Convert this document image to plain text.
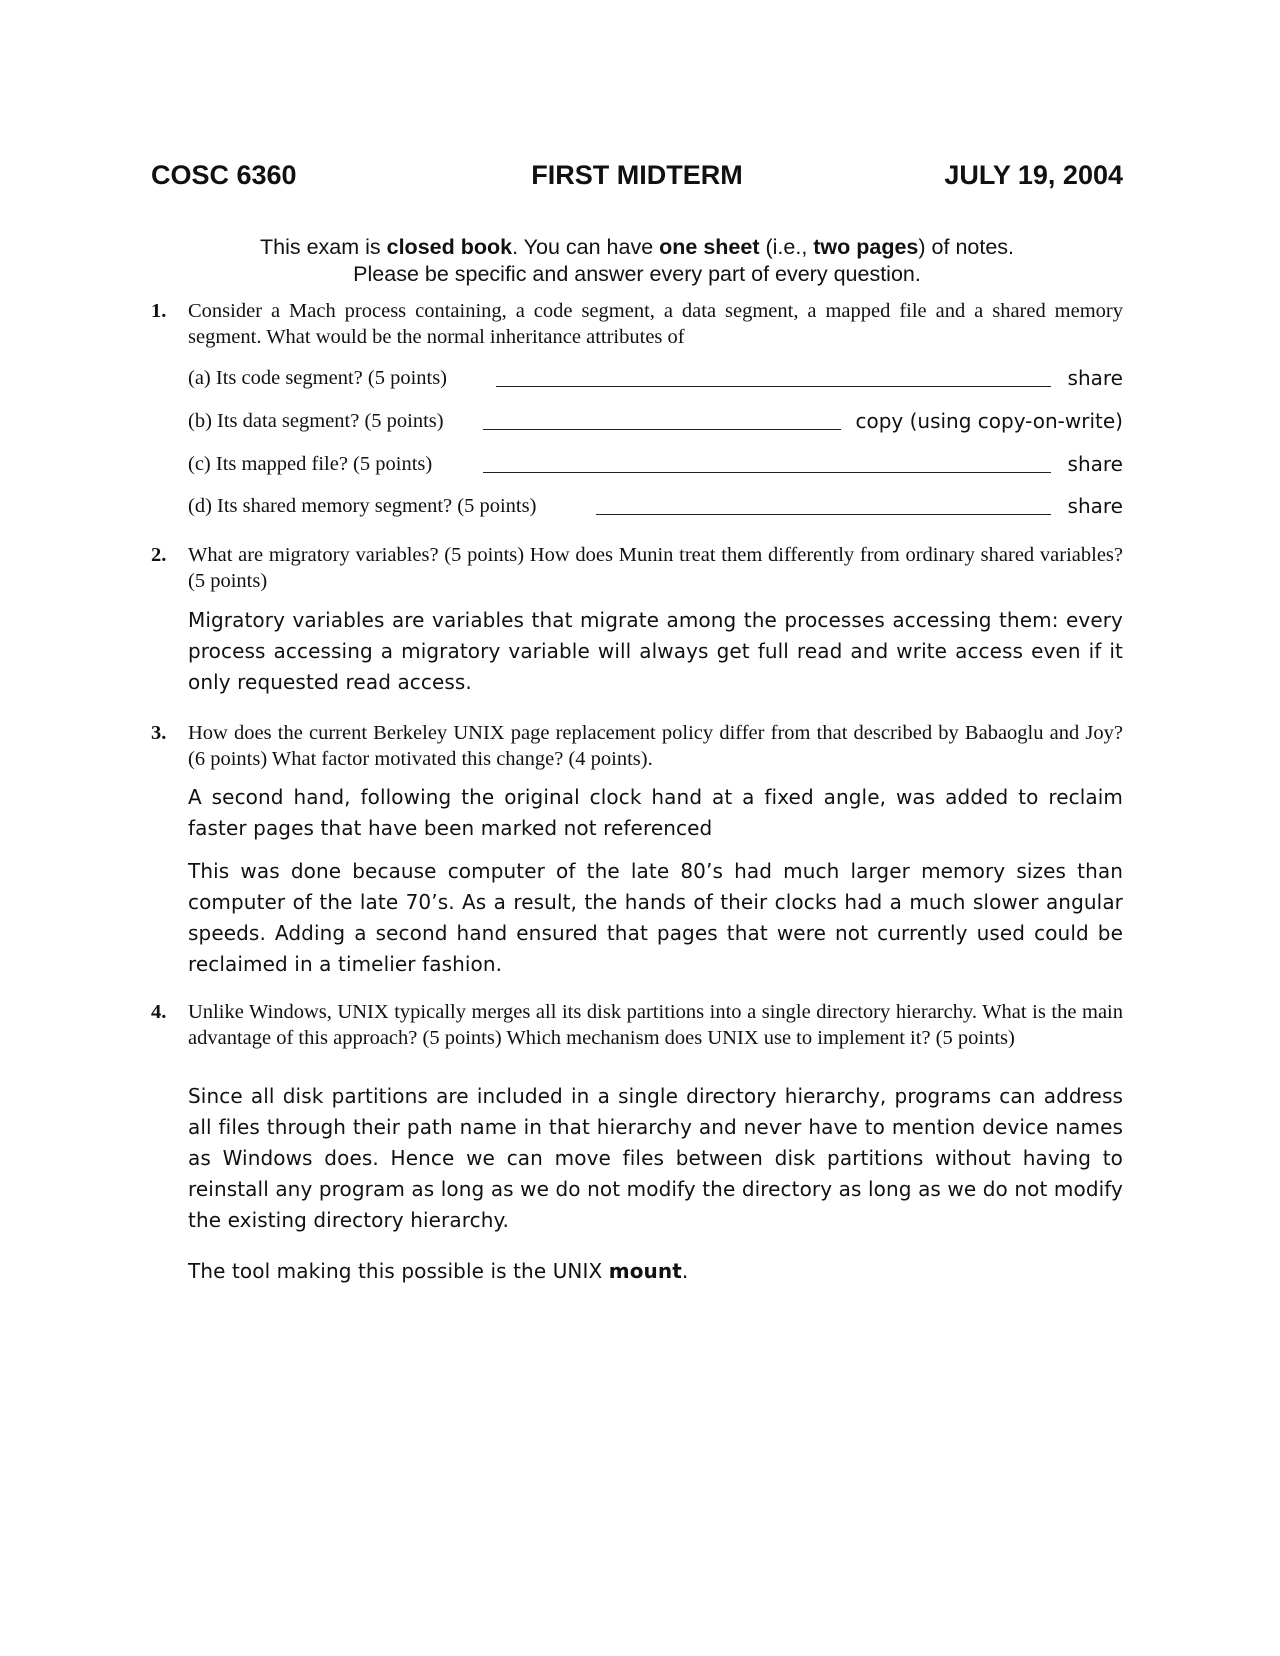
COSC 6360	FIRST MIDTERM	JULY 19, 2004
This exam is closed book. You can have one sheet (i.e., two pages) of notes.
Please be specific and answer every part of every question.
1. Consider a Mach process containing, a code segment, a data segment, a mapped file and a shared memory segment. What would be the normal inheritance attributes of
(a) Its code segment? (5 points)	share
(b) Its data segment? (5 points)	copy (using copy-on-write)
(c) Its mapped file? (5 points)	share
(d) Its shared memory segment? (5 points)	share
2. What are migratory variables? (5 points) How does Munin treat them differently from ordinary shared variables? (5 points)
Migratory variables are variables that migrate among the processes accessing them: every process accessing a migratory variable will always get full read and write access even if it only requested read access.
3. How does the current Berkeley UNIX page replacement policy differ from that described by Babaoglu and Joy? (6 points) What factor motivated this change? (4 points).
A second hand, following the original clock hand at a fixed angle, was added to reclaim faster pages that have been marked not referenced
This was done because computer of the late 80’s had much larger memory sizes than computer of the late 70’s. As a result, the hands of their clocks had a much slower angular speeds. Adding a second hand ensured that pages that were not currently used could be reclaimed in a timelier fashion.
4. Unlike Windows, UNIX typically merges all its disk partitions into a single directory hierarchy. What is the main advantage of this approach? (5 points) Which mechanism does UNIX use to implement it? (5 points)
Since all disk partitions are included in a single directory hierarchy, programs can address all files through their path name in that hierarchy and never have to mention device names as Windows does. Hence we can move files between disk partitions without having to reinstall any program as long as we do not modify the directory as long as we do not modify the existing directory hierarchy.
The tool making this possible is the UNIX mount.
